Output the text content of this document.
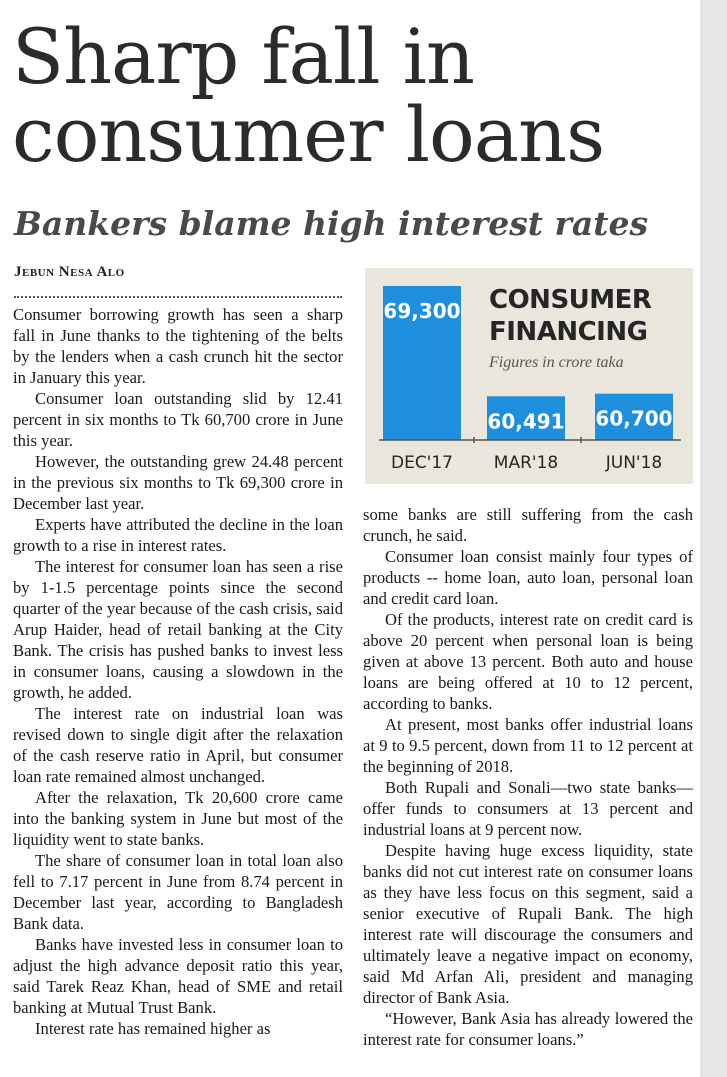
Sharp fall in
consumer loans
Bankers blame high interest rates
Jebun Nesa Alo

Consumer borrowing growth has seen a sharp fall in June thanks to the tightening of the belts by the lenders when a cash crunch hit the sector in January this year.

Consumer loan outstanding slid by 12.41 percent in six months to Tk 60,700 crore in June this year.

However, the outstanding grew 24.48 percent in the previous six months to Tk 69,300 crore in December last year.

Experts have attributed the decline in the loan growth to a rise in interest rates.

The interest for consumer loan has seen a rise by 1-1.5 percentage points since the second quarter of the year because of the cash crisis, said Arup Haider, head of retail banking at the City Bank. The crisis has pushed banks to invest less in consumer loans, causing a slowdown in the growth, he added.

The interest rate on industrial loan was revised down to single digit after the relaxation of the cash reserve ratio in April, but consumer loan rate remained almost unchanged.

After the relaxation, Tk 20,600 crore came into the banking system in June but most of the liquidity went to state banks.

The share of consumer loan in total loan also fell to 7.17 percent in June from 8.74 percent in December last year, according to Bangladesh Bank data.

Banks have invested less in consumer loan to adjust the high advance deposit ratio this year, said Tarek Reaz Khan, head of SME and retail banking at Mutual Trust Bank.

Interest rate has remained higher as

69,300
DEC'17
60,491
MAR'18
60,700
JUN'18
CONSUMER
FINANCING
Figures in crore taka

some banks are still suffering from the cash crunch, he said.

Consumer loan consist mainly four types of products -- home loan, auto loan, personal loan and credit card loan.

Of the products, interest rate on credit card is above 20 percent when personal loan is being given at above 13 percent. Both auto and house loans are being offered at 10 to 12 percent, according to banks.

At present, most banks offer industrial loans at 9 to 9.5 percent, down from 11 to 12 percent at the beginning of 2018.

Both Rupali and Sonali—two state banks—offer funds to consumers at 13 percent and industrial loans at 9 percent now.

Despite having huge excess liquidity, state banks did not cut interest rate on consumer loans as they have less focus on this segment, said a senior executive of Rupali Bank. The high interest rate will discourage the consumers and ultimately leave a negative impact on economy, said Md Arfan Ali, president and managing director of Bank Asia.

“However, Bank Asia has already lowered the interest rate for consumer loans.”
